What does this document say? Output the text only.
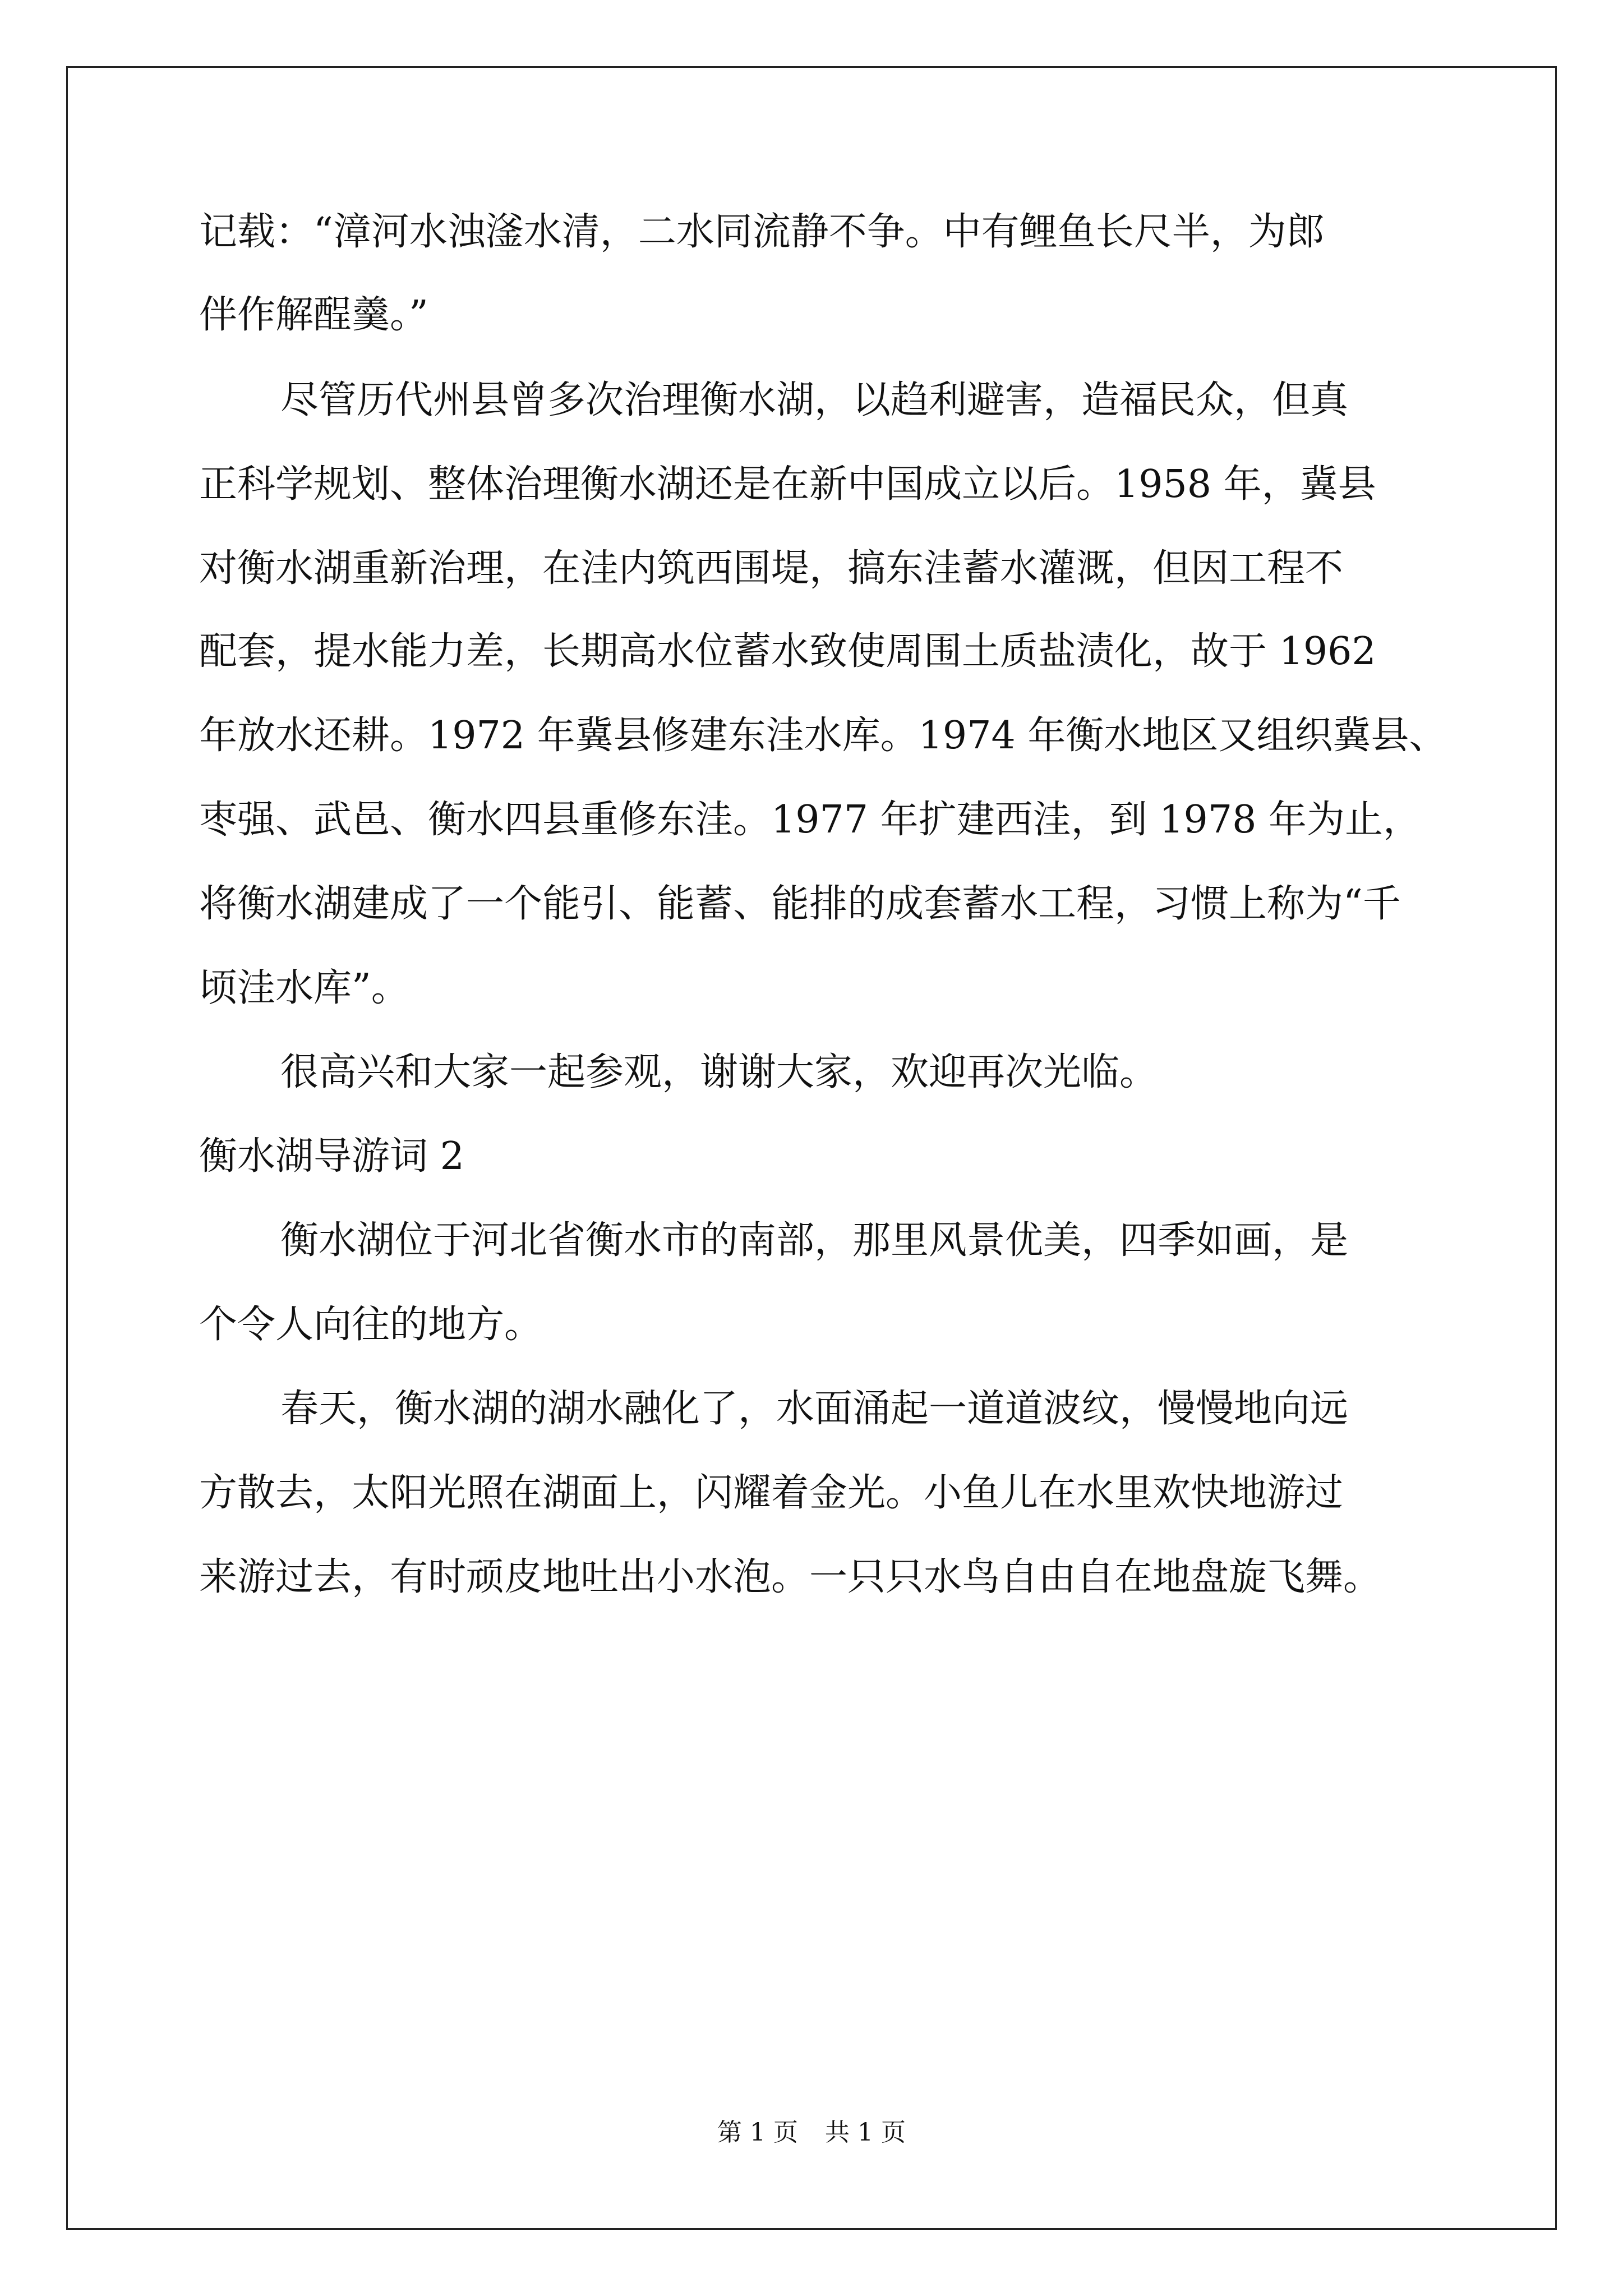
记载：“漳河水浊滏水清，二水同流静不争。中有鲤鱼长尺半，为郎
伴作解酲羹。”
尽管历代州县曾多次治理衡水湖，以趋利避害，造福民众，但真
正科学规划、整体治理衡水湖还是在新中国成立以后。1958 年，冀县
对衡水湖重新治理，在洼内筑西围堤，搞东洼蓄水灌溉，但因工程不
配套，提水能力差，长期高水位蓄水致使周围土质盐渍化，故于 1962
年放水还耕。1972 年冀县修建东洼水库。1974 年衡水地区又组织冀县、
枣强、武邑、衡水四县重修东洼。1977 年扩建西洼，到 1978 年为止，
将衡水湖建成了一个能引、能蓄、能排的成套蓄水工程，习惯上称为“千
顷洼水库”。
很高兴和大家一起参观，谢谢大家，欢迎再次光临。
衡水湖导游词 2
衡水湖位于河北省衡水市的南部，那里风景优美，四季如画，是
个令人向往的地方。
春天，衡水湖的湖水融化了，水面涌起一道道波纹，慢慢地向远
方散去，太阳光照在湖面上，闪耀着金光。小鱼儿在水里欢快地游过
来游过去，有时顽皮地吐出小水泡。一只只水鸟自由自在地盘旋飞舞。
第 1 页 共 1 页
